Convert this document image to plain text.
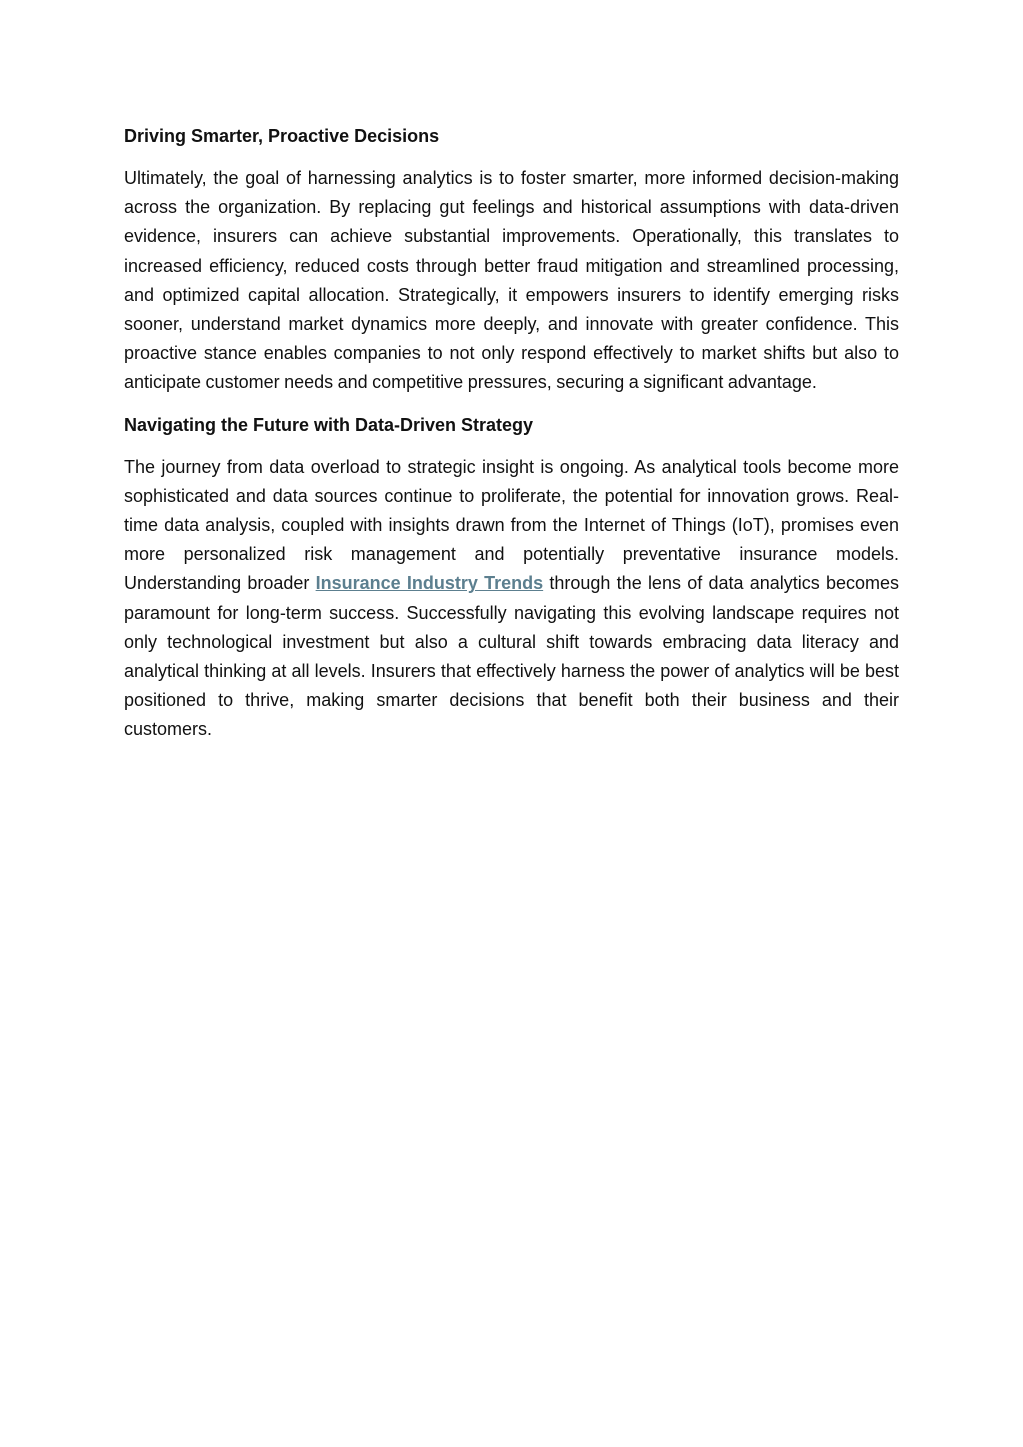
Driving Smarter, Proactive Decisions

Ultimately, the goal of harnessing analytics is to foster smarter, more informed decision-making across the organization. By replacing gut feelings and historical assumptions with data-driven evidence, insurers can achieve substantial improvements. Operationally, this translates to increased efficiency, reduced costs through better fraud mitigation and streamlined processing, and optimized capital allocation. Strategically, it empowers insurers to identify emerging risks sooner, understand market dynamics more deeply, and innovate with greater confidence. This proactive stance enables companies to not only respond effectively to market shifts but also to anticipate customer needs and competitive pressures, securing a significant advantage.

Navigating the Future with Data-Driven Strategy

The journey from data overload to strategic insight is ongoing. As analytical tools become more sophisticated and data sources continue to proliferate, the potential for innovation grows. Real-time data analysis, coupled with insights drawn from the Internet of Things (IoT), promises even more personalized risk management and potentially preventative insurance models. Understanding broader Insurance Industry Trends through the lens of data analytics becomes paramount for long-term success. Successfully navigating this evolving landscape requires not only technological investment but also a cultural shift towards embracing data literacy and analytical thinking at all levels. Insurers that effectively harness the power of analytics will be best positioned to thrive, making smarter decisions that benefit both their business and their customers.
